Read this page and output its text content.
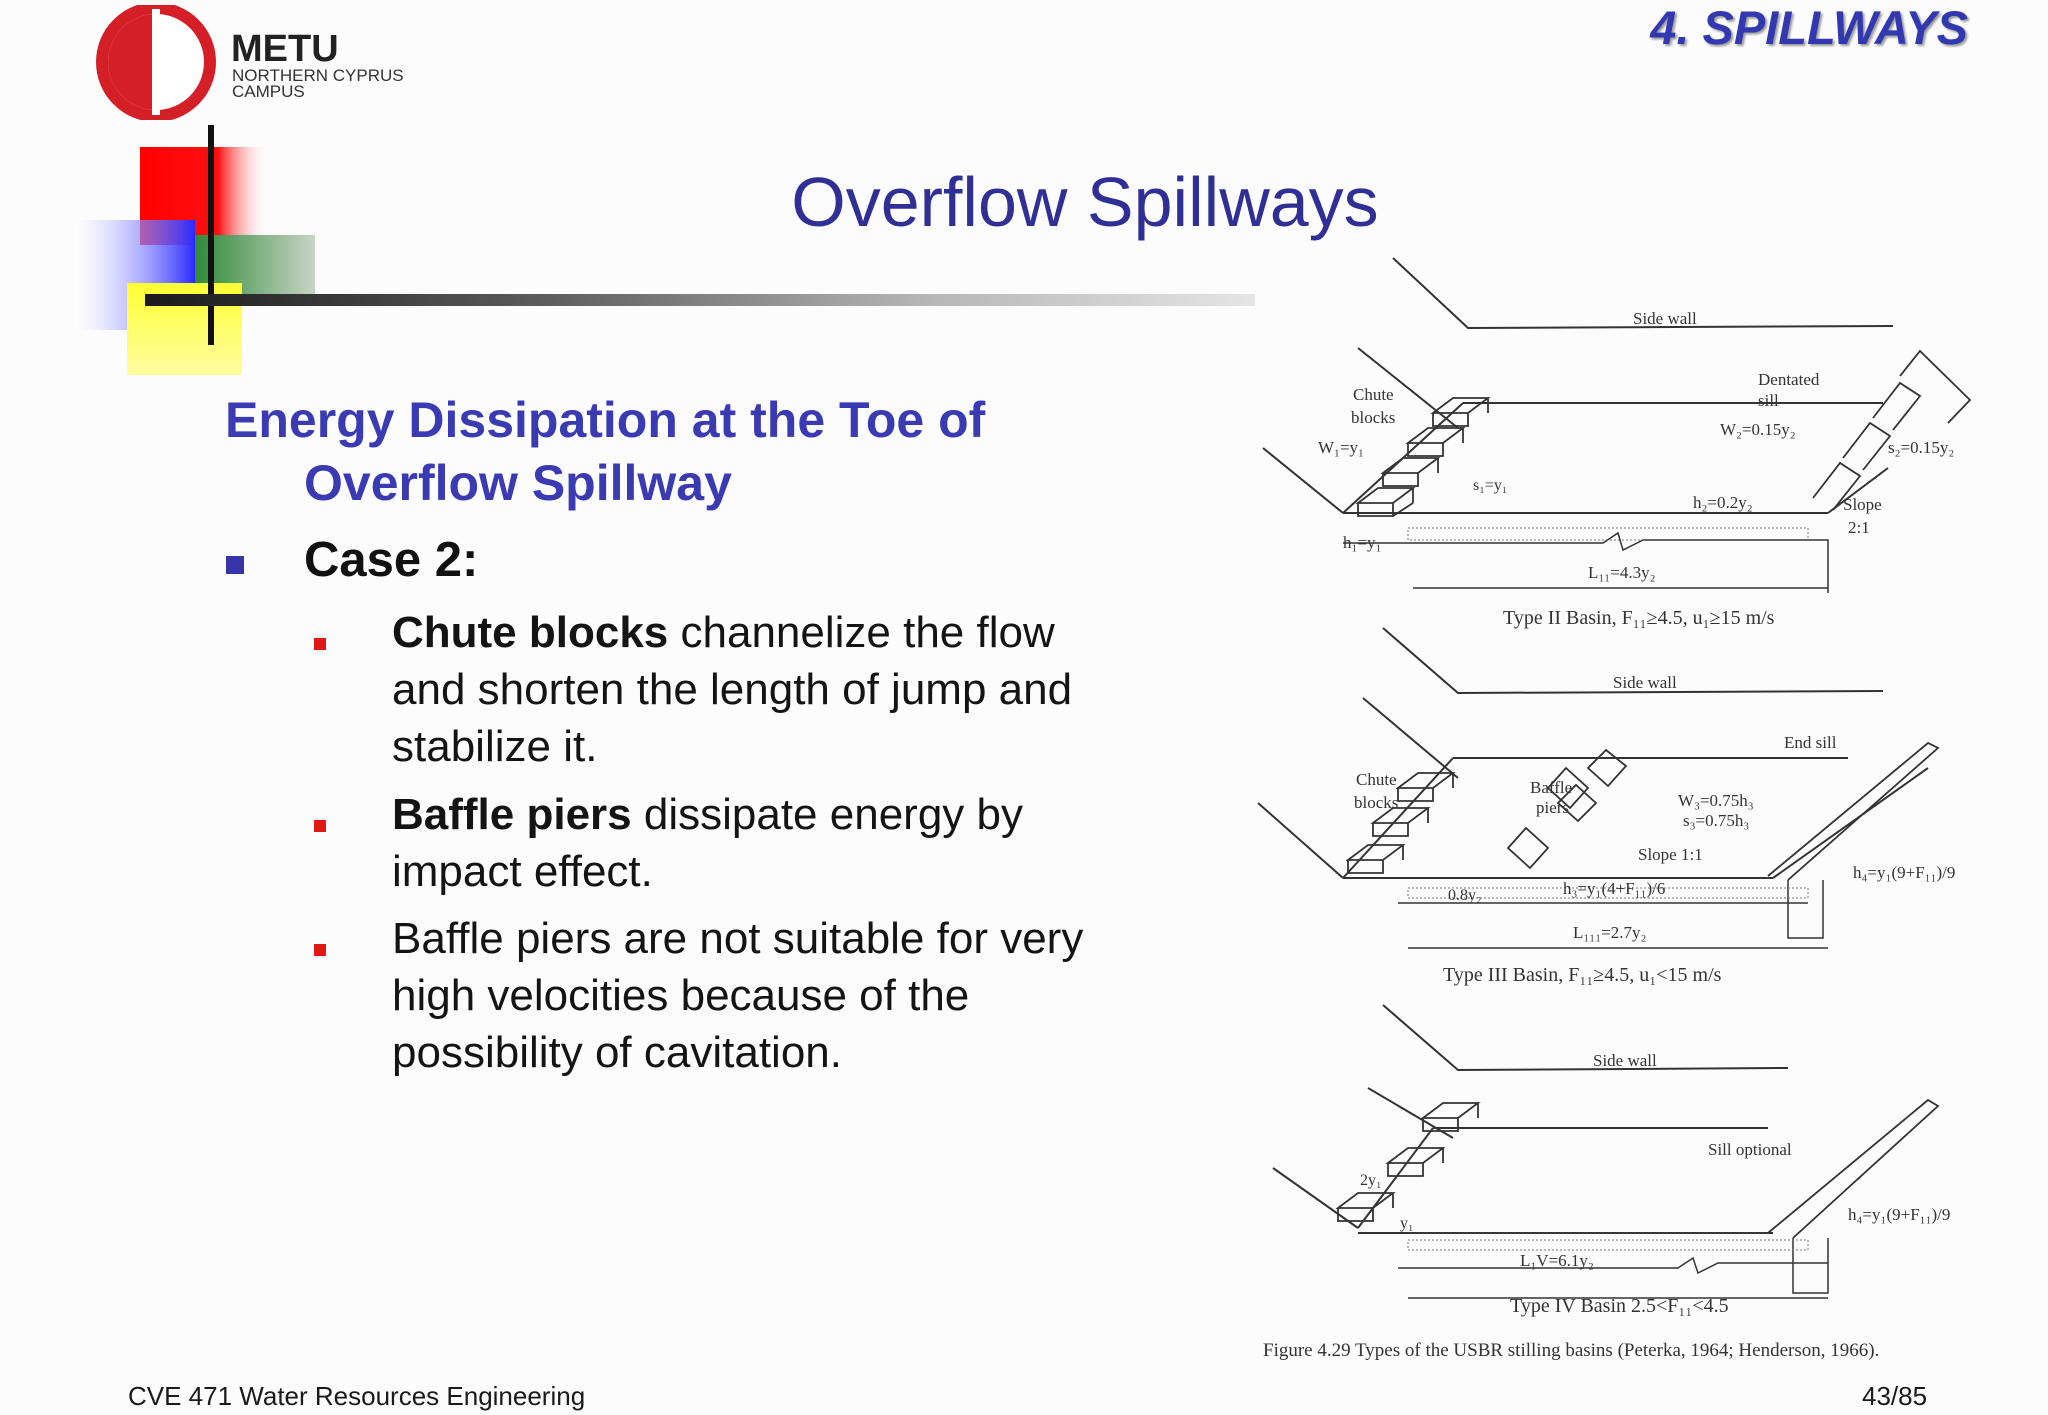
METU
NORTHERN CYPRUS
CAMPUS
4. SPILLWAYS
Overflow Spillways
Energy Dissipation at the Toe of
Overflow Spillway
Case 2:
Chute blocks channelize the flow
and shorten the length of jump and
stabilize it.
Baffle piers dissipate energy by
impact effect.
Baffle piers are not suitable for very
high velocities because of the
possibility of cavitation.
Side wall
Chute
blocks
W₁=y₁
s₁=y₁
h₁=y₁
Dentated
sill
W₂=0.15y₂
s₂=0.15y₂
h₂=0.2y₂	Slope
2:1
L₁₁=4.3y₂
Type II Basin, F₁₁≥4.5, u₁≥15 m/s
Side wall
Chute
blocks
Baffle
piers
End sill
W₃=0.75h₃
s₃=0.75h₃
Slope 1:1
h₄=y₁(9+F₁₁)/9
0.8y₂	h₃=y₁(4+F₁₁)/6
L₁₁₁=2.7y₂
Type III Basin, F₁₁≥4.5, u₁<15 m/s
Side wall
Sill optional
2y₁
y₁	h₄=y₁(9+F₁₁)/9
L₁V=6.1y₂
Type IV Basin 2.5<F₁₁<4.5
Figure 4.29 Types of the USBR stilling basins (Peterka, 1964; Henderson, 1966).
CVE 471 Water Resources Engineering	43/85
